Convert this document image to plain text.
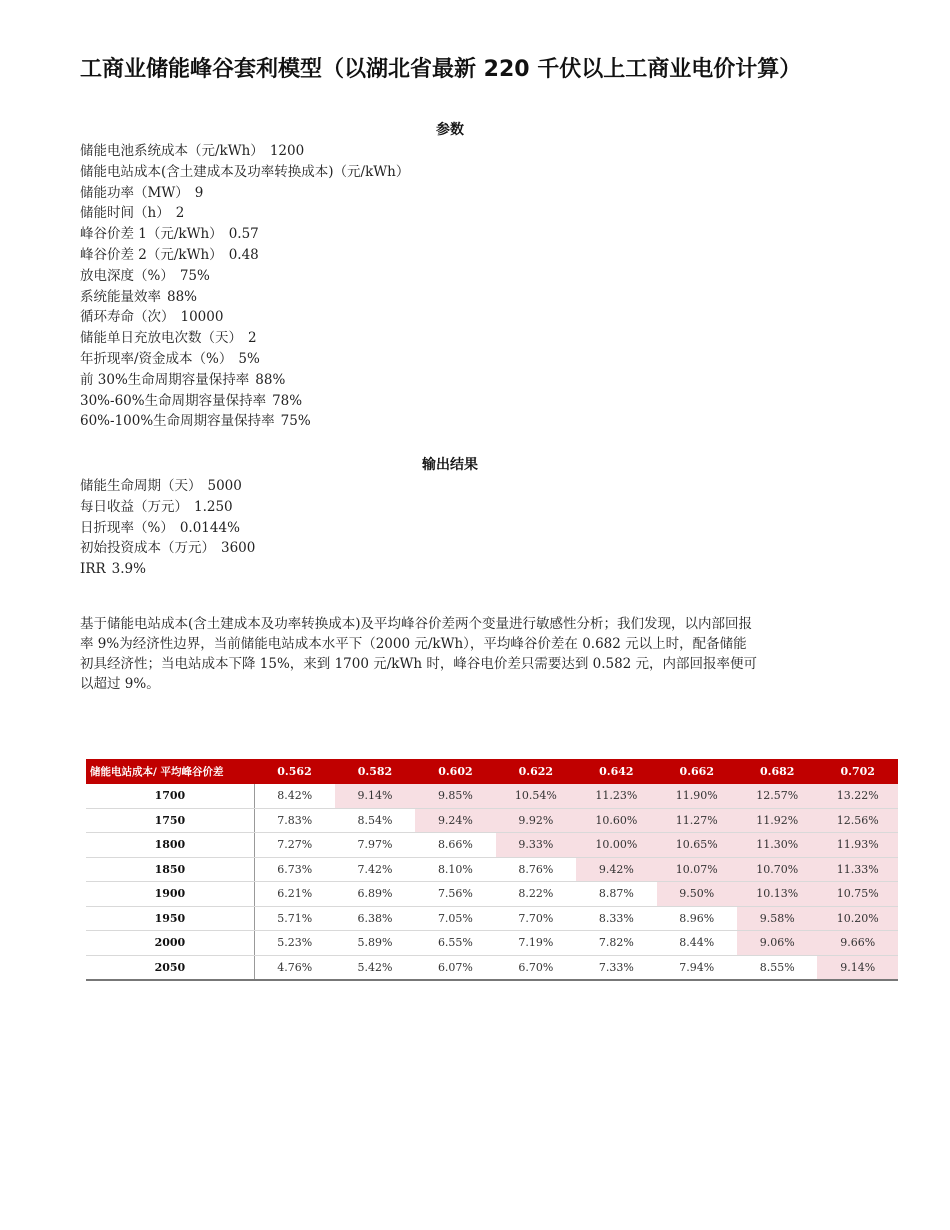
工商业储能峰谷套利模型（以湖北省最新 220 千伏以上工商业电价计算）
参数
储能电池系统成本（元/kWh） 1200
储能电站成本(含土建成本及功率转换成本)（元/kWh）
储能功率（MW） 9
储能时间（h） 2
峰谷价差 1（元/kWh） 0.57
峰谷价差 2（元/kWh） 0.48
放电深度（%） 75%
系统能量效率 88%
循环寿命（次） 10000
储能单日充放电次数（天） 2
年折现率/资金成本（%） 5%
前 30%生命周期容量保持率 88%
30%-60%生命周期容量保持率 78%
60%-100%生命周期容量保持率 75%
输出结果
储能生命周期（天） 5000
每日收益（万元） 1.250
日折现率（%） 0.0144%
初始投资成本（万元） 3600
IRR 3.9%

基于储能电站成本(含土建成本及功率转换成本)及平均峰谷价差两个变量进行敏感性分析；我们发现，以内部回报率 9%为经济性边界，当前储能电站成本水平下（2000 元/kWh），平均峰谷价差在 0.682 元以上时，配备储能初具经济性；当电站成本下降 15%，来到 1700 元/kWh 时，峰谷电价差只需要达到 0.582 元，内部回报率便可以超过 9%。

储能电站成本/ 平均峰谷价差	0.562	0.582	0.602	0.622	0.642	0.662	0.682	0.702
1700	8.42%	9.14%	9.85%	10.54%	11.23%	11.90%	12.57%	13.22%
1750	7.83%	8.54%	9.24%	9.92%	10.60%	11.27%	11.92%	12.56%
1800	7.27%	7.97%	8.66%	9.33%	10.00%	10.65%	11.30%	11.93%
1850	6.73%	7.42%	8.10%	8.76%	9.42%	10.07%	10.70%	11.33%
1900	6.21%	6.89%	7.56%	8.22%	8.87%	9.50%	10.13%	10.75%
1950	5.71%	6.38%	7.05%	7.70%	8.33%	8.96%	9.58%	10.20%
2000	5.23%	5.89%	6.55%	7.19%	7.82%	8.44%	9.06%	9.66%
2050	4.76%	5.42%	6.07%	6.70%	7.33%	7.94%	8.55%	9.14%
